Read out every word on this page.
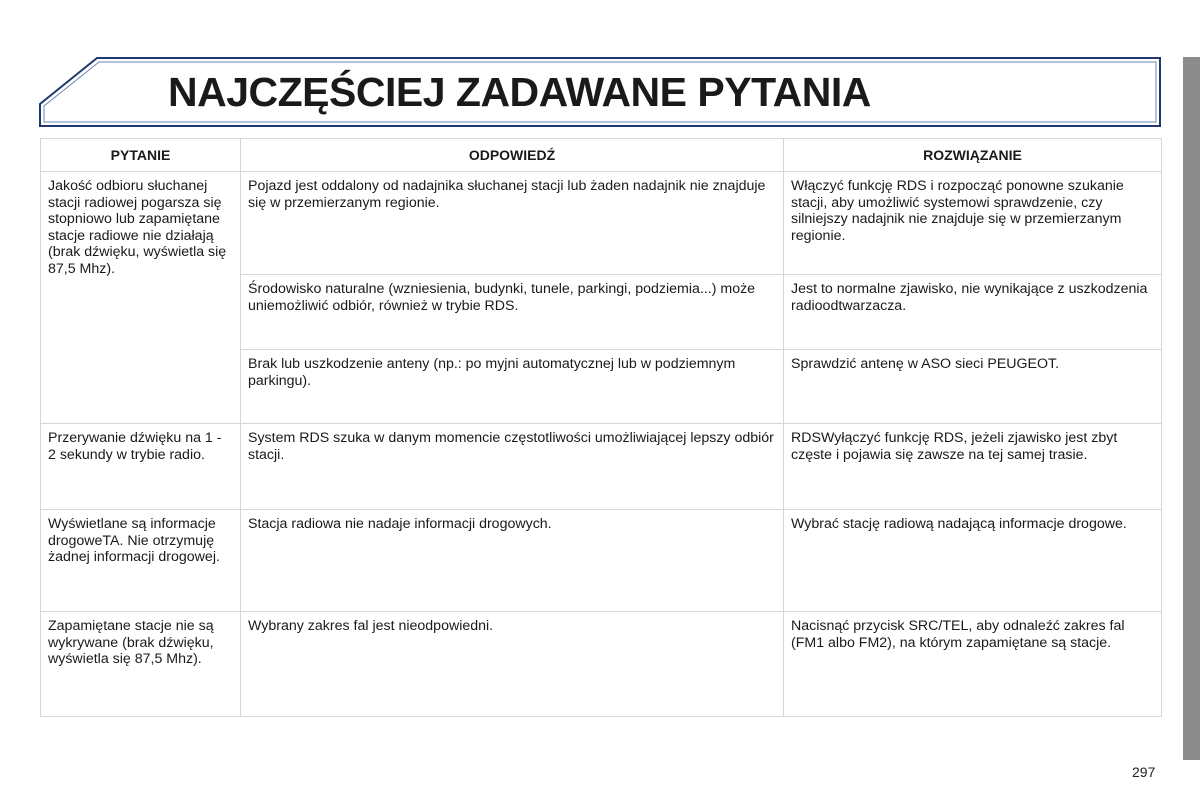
NAJCZĘŚCIEJ ZADAWANE PYTANIA
PYTANIE	ODPOWIEDŹ	ROZWIĄZANIE
Jakość odbioru słuchanej stacji radiowej pogarsza się stopniowo lub zapamiętane stacje radiowe nie działają (brak dźwięku, wyświetla się 87,5 Mhz).	Pojazd jest oddalony od nadajnika słuchanej stacji lub żaden nadajnik nie znajduje się w przemierzanym regionie.	Włączyć funkcję RDS i rozpocząć ponowne szukanie stacji, aby umożliwić systemowi sprawdzenie, czy silniejszy nadajnik nie znajduje się w przemierzanym regionie.
	Środowisko naturalne (wzniesienia, budynki, tunele, parkingi, podziemia...) może uniemożliwić odbiór, również w trybie RDS.	Jest to normalne zjawisko, nie wynikające z uszkodzenia radioodtwarzacza.
	Brak lub uszkodzenie anteny (np.: po myjni automatycznej lub w podziemnym parkingu).	Sprawdzić antenę w ASO sieci PEUGEOT.
Przerywanie dźwięku na 1 - 2 sekundy w trybie radio.	System RDS szuka w danym momencie częstotliwości umożliwiającej lepszy odbiór stacji.	RDSWyłączyć funkcję RDS, jeżeli zjawisko jest zbyt częste i pojawia się zawsze na tej samej trasie.
Wyświetlane są informacje drogoweTA. Nie otrzymuję żadnej informacji drogowej.	Stacja radiowa nie nadaje informacji drogowych.	Wybrać stację radiową nadającą informacje drogowe.
Zapamiętane stacje nie są wykrywane (brak dźwięku, wyświetla się 87,5 Mhz).	Wybrany zakres fal jest nieodpowiedni.	Nacisnąć przycisk SRC/TEL, aby odnaleźć zakres fal (FM1 albo FM2), na którym zapamiętane są stacje.
297
